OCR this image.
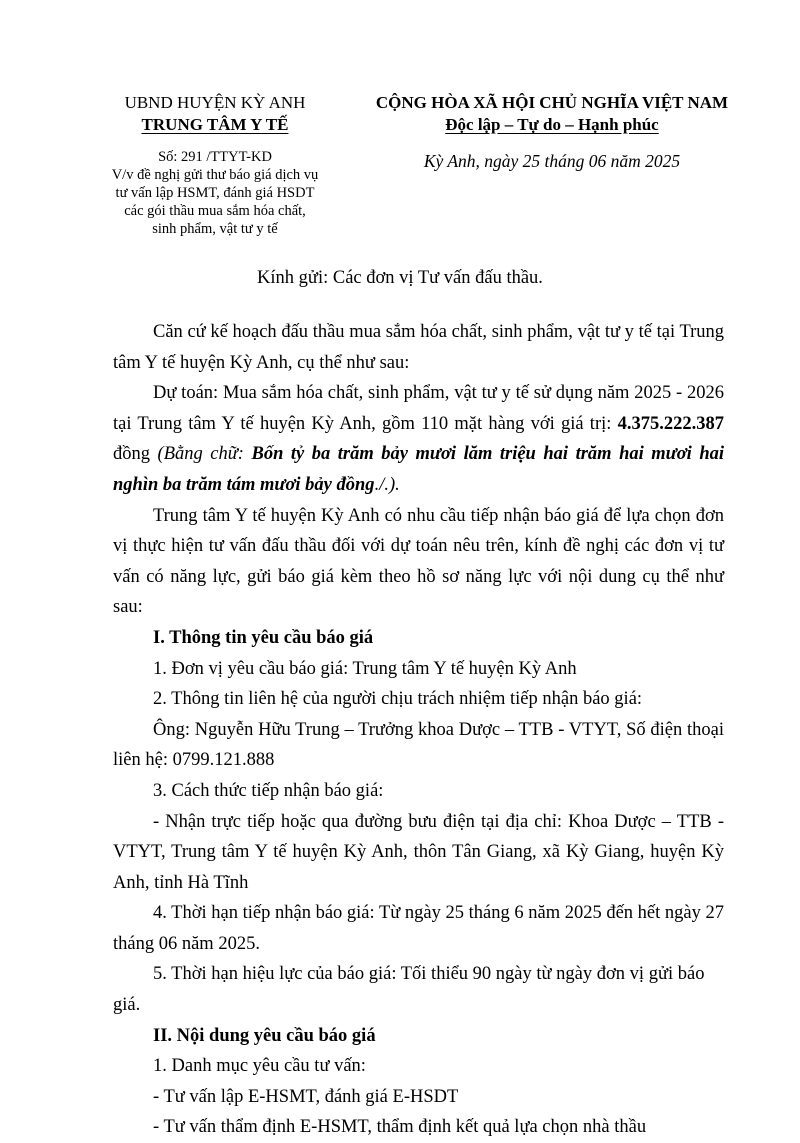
UBND HUYỆN KỲ ANH
TRUNG TÂM Y TẾ
Số: 291 /TTYT-KD
V/v đề nghị gửi thư báo giá dịch vụ
tư vấn lập HSMT, đánh giá HSDT
các gói thầu mua sắm hóa chất,
sinh phẩm, vật tư y tế
CỘNG HÒA XÃ HỘI CHỦ NGHĨA VIỆT NAM
Độc lập – Tự do – Hạnh phúc
Kỳ Anh, ngày 25 tháng 06 năm 2025
Kính gửi: Các đơn vị Tư vấn đấu thầu.

Căn cứ kế hoạch đấu thầu mua sắm hóa chất, sinh phẩm, vật tư y tế tại Trung tâm Y tế huyện Kỳ Anh, cụ thể như sau:

Dự toán: Mua sắm hóa chất, sinh phẩm, vật tư y tế sử dụng năm 2025 - 2026 tại Trung tâm Y tế huyện Kỳ Anh, gồm 110 mặt hàng với giá trị: 4.375.222.387 đồng (Bằng chữ: Bốn tỷ ba trăm bảy mươi lăm triệu hai trăm hai mươi hai nghìn ba trăm tám mươi bảy đồng./.).

Trung tâm Y tế huyện Kỳ Anh có nhu cầu tiếp nhận báo giá để lựa chọn đơn vị thực hiện tư vấn đấu thầu đối với dự toán nêu trên, kính đề nghị các đơn vị tư vấn có năng lực, gửi báo giá kèm theo hồ sơ năng lực với nội dung cụ thể như sau:

I. Thông tin yêu cầu báo giá

1. Đơn vị yêu cầu báo giá: Trung tâm Y tế huyện Kỳ Anh

2. Thông tin liên hệ của người chịu trách nhiệm tiếp nhận báo giá:

Ông: Nguyễn Hữu Trung – Trưởng khoa Dược – TTB - VTYT, Số điện thoại liên hệ: 0799.121.888

3. Cách thức tiếp nhận báo giá:

- Nhận trực tiếp hoặc qua đường bưu điện tại địa chỉ: Khoa Dược – TTB - VTYT, Trung tâm Y tế huyện Kỳ Anh, thôn Tân Giang, xã Kỳ Giang, huyện Kỳ Anh, tỉnh Hà Tĩnh

4. Thời hạn tiếp nhận báo giá: Từ ngày 25 tháng 6 năm 2025 đến hết ngày 27 tháng 06 năm 2025.

5. Thời hạn hiệu lực của báo giá: Tối thiểu 90 ngày từ ngày đơn vị gửi báo giá.

II. Nội dung yêu cầu báo giá

1. Danh mục yêu cầu tư vấn:

- Tư vấn lập E-HSMT, đánh giá E-HSDT

- Tư vấn thẩm định E-HSMT, thẩm định kết quả lựa chọn nhà thầu
